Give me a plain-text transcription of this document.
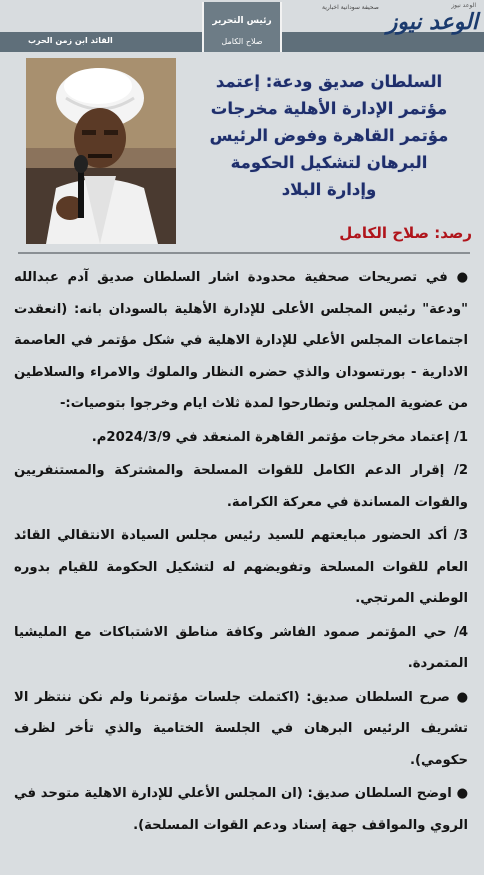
الوعد نيوز
الوعد نيوز
صحيفة سودانية اخبارية
رئيس التحرير
صلاح الكامل
القائد ابن زمن الحرب
السلطان صديق ودعة: إعتمد
مؤتمر الإدارة الأهلية مخرجات
مؤتمر القاهرة وفوض الرئيس
البرهان لتشكيل الحكومة
وإدارة البلاد
رصد: صلاح الكامل

● في تصريحات صحفية محدودة اشار السلطان صديق آدم عبدالله "ودعة" رئيس المجلس الأعلى للإدارة الأهلية بالسودان بانه: (انعقدت اجتماعات المجلس الأعلي للإدارة الاهلية في شكل مؤتمر في العاصمة الادارية - بورتسودان والذي حضره النظار والملوك والامراء والسلاطين من عضوية المجلس وتطارحوا لمدة ثلاث ايام وخرجوا بتوصيات:-

1/ إعتماد مخرجات مؤتمر القاهرة المنعقد في 2024/3/9م.

2/ إقرار الدعم الكامل للقوات المسلحة والمشتركة والمستنفريين والقوات المساندة في معركة الكرامة.

3/ أكد الحضور مبايعتهم للسيد رئيس مجلس السيادة الانتقالي القائد العام للقوات المسلحة وتفويضهم له لتشكيل الحكومة للقيام بدوره الوطني المرتجي.

4/ حي المؤتمر صمود الفاشر وكافة مناطق الاشتباكات مع المليشيا المتمردة.

● صرح السلطان صديق: (اكتملت جلسات مؤتمرنا ولم نكن ننتظر الا تشريف الرئيس البرهان في الجلسة الختامية والذي تأخر لظرف حكومي).

● اوضح السلطان صديق: (ان المجلس الأعلي للإدارة الاهلية متوحد في الروي والمواقف جهة إسناد ودعم القوات المسلحة).
